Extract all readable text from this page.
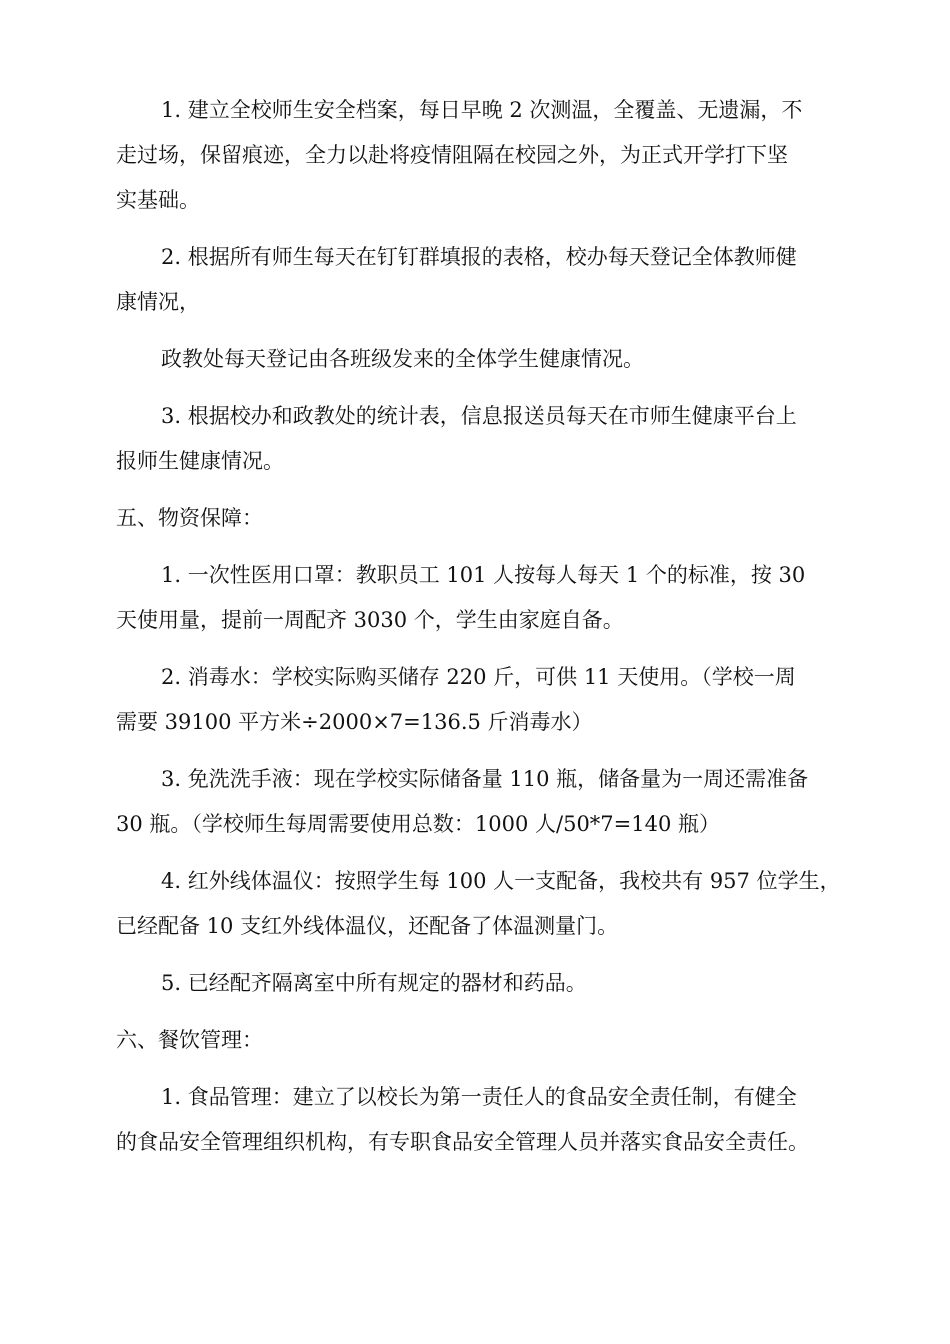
1. 建立全校师生安全档案，每日早晚 2 次测温，全覆盖、无遗漏，不
走过场，保留痕迹，全力以赴将疫情阻隔在校园之外，为正式开学打下坚
实基础。
2. 根据所有师生每天在钉钉群填报的表格，校办每天登记全体教师健
康情况，
政教处每天登记由各班级发来的全体学生健康情况。
3. 根据校办和政教处的统计表，信息报送员每天在市师生健康平台上
报师生健康情况。
五、物资保障：
1. 一次性医用口罩：教职员工 101 人按每人每天 1 个的标准，按 30
天使用量，提前一周配齐 3030 个，学生由家庭自备。
2. 消毒水：学校实际购买储存 220 斤，可供 11 天使用。（学校一周
需要 39100 平方米÷2000×7=136.5 斤消毒水）
3. 免洗洗手液：现在学校实际储备量 110 瓶，储备量为一周还需准备
30 瓶。（学校师生每周需要使用总数：1000 人/50*7=140 瓶）
4. 红外线体温仪：按照学生每 100 人一支配备，我校共有 957 位学生，
已经配备 10 支红外线体温仪，还配备了体温测量门。
5. 已经配齐隔离室中所有规定的器材和药品。
六、餐饮管理：
1. 食品管理：建立了以校长为第一责任人的食品安全责任制，有健全
的食品安全管理组织机构，有专职食品安全管理人员并落实食品安全责任。
